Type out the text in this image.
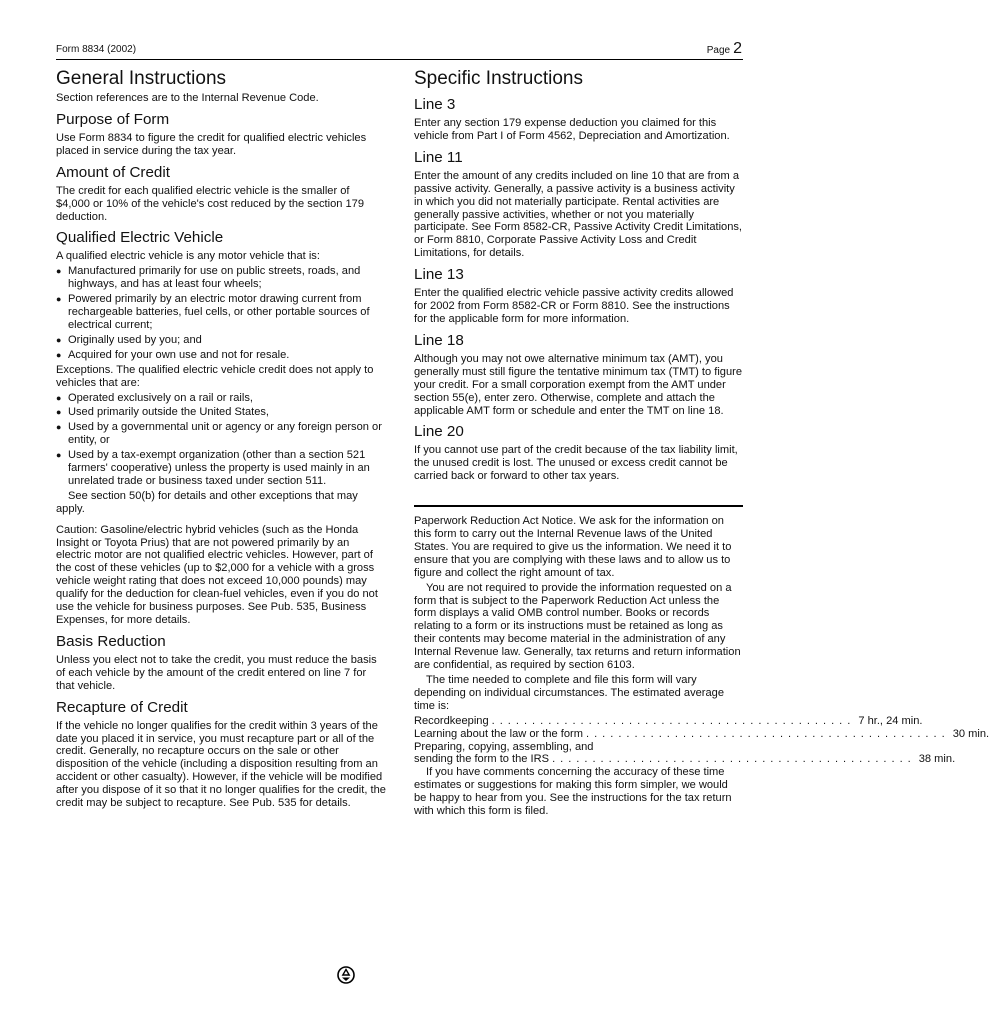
Form 8834 (2002)	Page 2
General Instructions

Section references are to the Internal Revenue Code.

Purpose of Form

Use Form 8834 to figure the credit for qualified electric vehicles placed in service during the tax year.

Amount of Credit

The credit for each qualified electric vehicle is the smaller of $4,000 or 10% of the vehicle's cost reduced by the section 179 deduction.

Qualified Electric Vehicle

A qualified electric vehicle is any motor vehicle that is:

● Manufactured primarily for use on public streets, roads, and highways, and has at least four wheels;
● Powered primarily by an electric motor drawing current from rechargeable batteries, fuel cells, or other portable sources of electrical current;
● Originally used by you; and
● Acquired for your own use and not for resale.

Exceptions. The qualified electric vehicle credit does not apply to vehicles that are:

● Operated exclusively on a rail or rails,
● Used primarily outside the United States,
● Used by a governmental unit or agency or any foreign person or entity, or
● Used by a tax-exempt organization (other than a section 521 farmers' cooperative) unless the property is used mainly in an unrelated trade or business taxed under section 511.

See section 50(b) for details and other exceptions that may apply.

Caution: Gasoline/electric hybrid vehicles (such as the Honda Insight or Toyota Prius) that are not powered primarily by an electric motor are not qualified electric vehicles. However, part of the cost of these vehicles (up to $2,000 for a vehicle with a gross vehicle weight rating that does not exceed 10,000 pounds) may qualify for the deduction for clean-fuel vehicles, even if you do not use the vehicle for business purposes. See Pub. 535, Business Expenses, for more details.

Basis Reduction

Unless you elect not to take the credit, you must reduce the basis of each vehicle by the amount of the credit entered on line 7 for that vehicle.

Recapture of Credit

If the vehicle no longer qualifies for the credit within 3 years of the date you placed it in service, you must recapture part or all of the credit. Generally, no recapture occurs on the sale or other disposition of the vehicle (including a disposition resulting from an accident or other casualty). However, if the vehicle will be modified after you dispose of it so that it no longer qualifies for the credit, the credit may be subject to recapture. See Pub. 535 for details.

Specific Instructions
Line 3

Enter any section 179 expense deduction you claimed for this vehicle from Part I of Form 4562, Depreciation and Amortization.

Line 11

Enter the amount of any credits included on line 10 that are from a passive activity. Generally, a passive activity is a business activity in which you did not materially participate. Rental activities are generally passive activities, whether or not you materially participate. See Form 8582-CR, Passive Activity Credit Limitations, or Form 8810, Corporate Passive Activity Loss and Credit Limitations, for details.

Line 13

Enter the qualified electric vehicle passive activity credits allowed for 2002 from Form 8582-CR or Form 8810. See the instructions for the applicable form for more information.

Line 18

Although you may not owe alternative minimum tax (AMT), you generally must still figure the tentative minimum tax (TMT) to figure your credit. For a small corporation exempt from the AMT under section 55(e), enter zero. Otherwise, complete and attach the applicable AMT form or schedule and enter the TMT on line 18.

Line 20

If you cannot use part of the credit because of the tax liability limit, the unused credit is lost. The unused or excess credit cannot be carried back or forward to other tax years.

Paperwork Reduction Act Notice. We ask for the information on this form to carry out the Internal Revenue laws of the United States. You are required to give us the information. We need it to ensure that you are complying with these laws and to allow us to figure and collect the right amount of tax.

You are not required to provide the information requested on a form that is subject to the Paperwork Reduction Act unless the form displays a valid OMB control number. Books or records relating to a form or its instructions must be retained as long as their contents may become material in the administration of any Internal Revenue law. Generally, tax returns and return information are confidential, as required by section 6103.

The time needed to complete and file this form will vary depending on individual circumstances. The estimated average time is:

Recordkeeping ............................................. 7 hr., 24 min.
Learning about the law or the form ............................................. 30 min.

Preparing, copying, assembling, and

sending the form to the IRS ............................................. 38 min.

If you have comments concerning the accuracy of these time estimates or suggestions for making this form simpler, we would be happy to hear from you. See the instructions for the tax return with which this form is filed.
